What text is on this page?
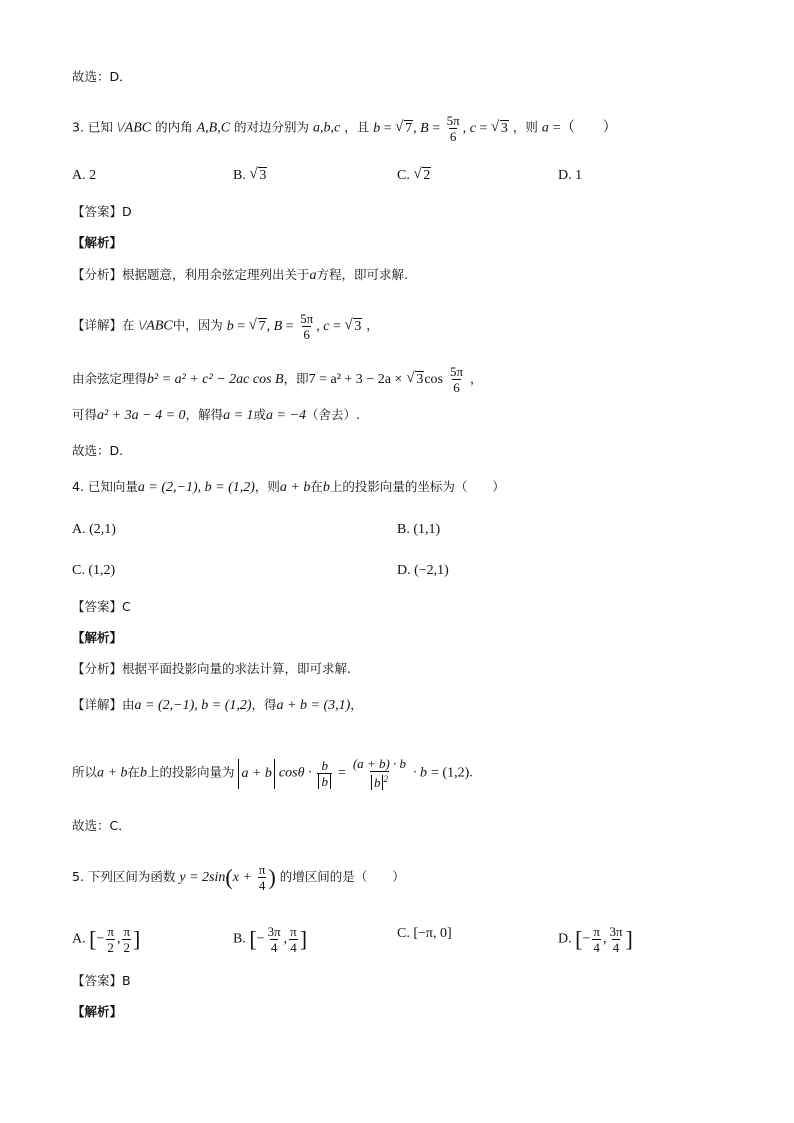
故选：D．
3. 已知 \/ABC 的内角 A,B,C 的对边分别为 a,b,c ，且 b = √ 7, $B = \frac{5\pi}{6}$ , c = √ 3 ，则 a =（　　）
A. 2	B. √ 3	C. √ 2	D. 1
【答案】D
【解析】
【分析】根据题意，利用余弦定理列出关于a方程，即可求解.
【详解】在 \/ABC中，因为 b = √ 7, $B = \frac{5\pi}{6}$ , c = √ 3 ，
由余弦定理得b² = a² + c² − 2ac cos B，即7 = a² + 3 − 2a × √ $3\cos \frac{5\pi}{6}$ ，
可得a² + 3a − 4 = 0，解得a = 1或a = −4（舍去）.
故选：D.
4. 已知向量a = (2,−1), b = (1,2)，则a + b在b上的投影向量的坐标为（　　）
A. (2,1)	B. (1,1)
C. (1,2)	D. (−2,1)
【答案】C
【解析】
【分析】根据平面投影向量的求法计算，即可求解.
【详解】由a = (2,−1), b = (1,2)，得a + b = (3,1)，
所以a + b在b上的投影向量为 a + b $\cos\theta \cdot \frac{b}{b} = \frac{(a + b) \cdot b}{b ^2} \cdot b = (1,2)$.
故选：C．
5. 下列区间为函数 $y = 2\sin(x + \frac{\pi}{4}$ ) 的增区间的是（　　）
A. [− $\frac{\pi}{2}$ , $\frac{\pi}{2}$ ]	B. [− $\frac{3\pi}{4}$ , $\frac{\pi}{4}$ ]	C. [−π, 0]	D. [− $\frac{\pi}{4}$ , $\frac{3\pi}{4}$ ]
【答案】B
【解析】
